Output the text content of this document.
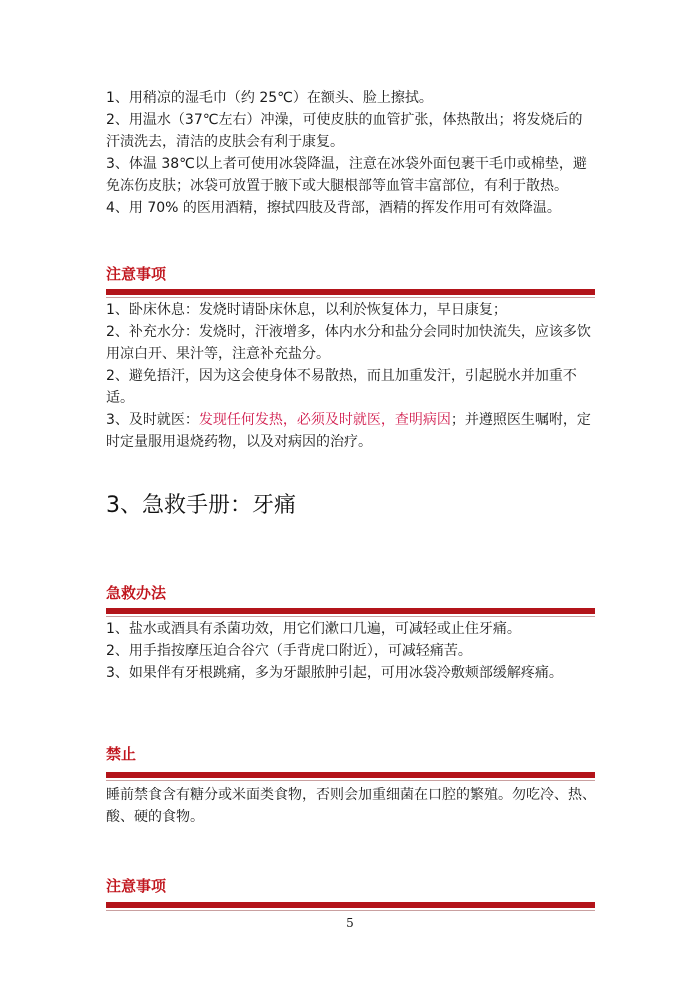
1、用稍凉的湿毛巾（约 25℃）在额头、脸上擦拭。

2、用温水（37℃左右）冲澡，可使皮肤的血管扩张，体热散出；将发烧后的汗渍洗去，清洁的皮肤会有利于康复。

3、体温 38℃以上者可使用冰袋降温，注意在冰袋外面包裹干毛巾或棉垫，避免冻伤皮肤；冰袋可放置于腋下或大腿根部等血管丰富部位，有利于散热。

4、用 70% 的医用酒精，擦拭四肢及背部，酒精的挥发作用可有效降温。

注意事项

1、卧床休息：发烧时请卧床休息，以利於恢复体力，早日康复；

2、补充水分：发烧时，汗液增多，体内水分和盐分会同时加快流失，应该多饮用凉白开、果汁等，注意补充盐分。

2、避免捂汗，因为这会使身体不易散热，而且加重发汗，引起脱水并加重不适。

3、及时就医：发现任何发热，必须及时就医，查明病因；并遵照医生嘱咐，定时定量服用退烧药物，以及对病因的治疗。

3、急救手册：牙痛
急救办法

1、盐水或酒具有杀菌功效，用它们漱口几遍，可减轻或止住牙痛。

2、用手指按摩压迫合谷穴（手背虎口附近），可减轻痛苦。

3、如果伴有牙根跳痛，多为牙龈脓肿引起，可用冰袋冷敷颊部缓解疼痛。

禁止

睡前禁食含有糖分或米面类食物，否则会加重细菌在口腔的繁殖。勿吃冷、热、酸、硬的食物。

注意事项
5
